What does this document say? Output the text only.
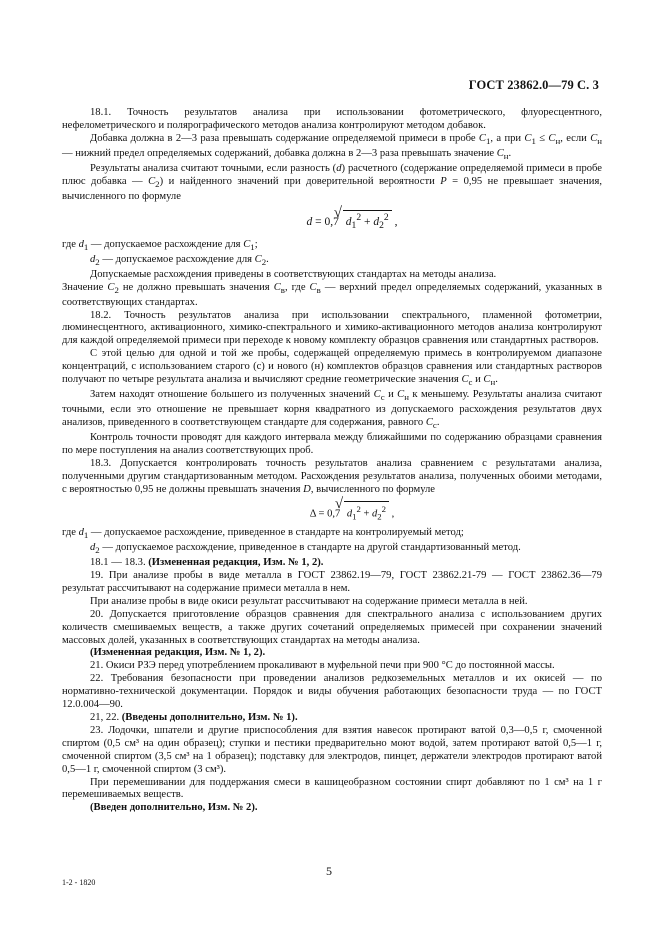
ГОСТ 23862.0—79 С. 3

18.1. Точность результатов анализа при использовании фотометрического, флуоресцентного, нефелометрического и полярографического методов анализа контролируют методом добавок.

Добавка должна в 2—3 раза превышать содержание определяемой примеси в пробе $C_1$, а при $C_1 \le C_н$, если $C_н$ — нижний предел определяемых содержаний, добавка должна в 2—3 раза превышать значение $C_н$.

Результаты анализа считают точными, если разность (d) расчетного (содержание определяемой примеси в пробе плюс добавка — $C_2$) и найденного значений при доверительной вероятности P = 0,95 не превышает значения, вычисленного по формуле

d = 0,7 √ $d_1^2 + d_2^2$ ,

где $d_1$ — допускаемое расхождение для $C_1$;

$d_2$ — допускаемое расхождение для $C_2$.

Допускаемые расхождения приведены в соответствующих стандартах на методы анализа.

Значение $C_2$ не должно превышать значения $C_в$, где $C_в$ — верхний предел определяемых содержаний, указанных в соответствующих стандартах.

18.2. Точность результатов анализа при использовании спектрального, пламенной фотометрии, люминесцентного, активационного, химико-спектрального и химико-активационного методов анализа контролируют для каждой определяемой примеси при переходе к новому комплекту образцов сравнения или стандартных растворов.

С этой целью для одной и той же пробы, содержащей определяемую примесь в контролируемом диапазоне концентраций, с использованием старого (с) и нового (н) комплектов образцов сравнения или стандартных растворов получают по четыре результата анализа и вычисляют средние геометрические значения $C_с$ и $C_н$.

Затем находят отношение большего из полученных значений $C_с$ и $C_н$ к меньшему. Результаты анализа считают точными, если это отношение не превышает корня квадратного из допускаемого расхождения результатов двух анализов, приведенного в соответствующем стандарте для содержания, равного $C_с$.

Контроль точности проводят для каждого интервала между ближайшими по содержанию образцами сравнения по мере поступления на анализ соответствующих проб.

18.3. Допускается контролировать точность результатов анализа сравнением с результатами анализа, полученными другим стандартизованным методом. Расхождения результатов анализа, полученных обоими методами, с вероятностью 0,95 не должны превышать значения D, вычисленного по формуле

Δ = 0,7 √ $d_1^2 + d_2^2$ ,

где $d_1$ — допускаемое расхождение, приведенное в стандарте на контролируемый метод;

$d_2$ — допускаемое расхождение, приведенное в стандарте на другой стандартизованный метод.

18.1 — 18.3. (Измененная редакция, Изм. № 1, 2).

19. При анализе пробы в виде металла в ГОСТ 23862.19—79, ГОСТ 23862.21-79 — ГОСТ 23862.36—79 результат рассчитывают на содержание примеси металла в нем.

При анализе пробы в виде окиси результат рассчитывают на содержание примеси металла в ней.

20. Допускается приготовление образцов сравнения для спектрального анализа с использованием других количеств смешиваемых веществ, а также других сочетаний определяемых примесей при сохранении значений массовых долей, указанных в соответствующих стандартах на методы анализа.

(Измененная редакция, Изм. № 1, 2).

21. Окиси РЗЭ перед употреблением прокаливают в муфельной печи при 900 °С до постоянной массы.

22. Требования безопасности при проведении анализов редкоземельных металлов и их окисей — по нормативно-технической документации. Порядок и виды обучения работающих безопасности труда — по ГОСТ 12.0.004—90.

21, 22. (Введены дополнительно, Изм. № 1).

23. Лодочки, шпатели и другие приспособления для взятия навесок протирают ватой 0,3—0,5 г, смоченной спиртом (0,5 см³ на один образец); ступки и пестики предварительно моют водой, затем протирают ватой 0,5—1 г, смоченной спиртом (3,5 см³ на 1 образец); подставку для электродов, пинцет, держатели электродов протирают ватой 0,5—1 г, смоченной спиртом (3 см³).

При перемешивании для поддержания смеси в кашицеобразном состоянии спирт добавляют по 1 см³ на 1 г перемешиваемых веществ.

(Введен дополнительно, Изм. № 2).

5
1-2 - 1820
